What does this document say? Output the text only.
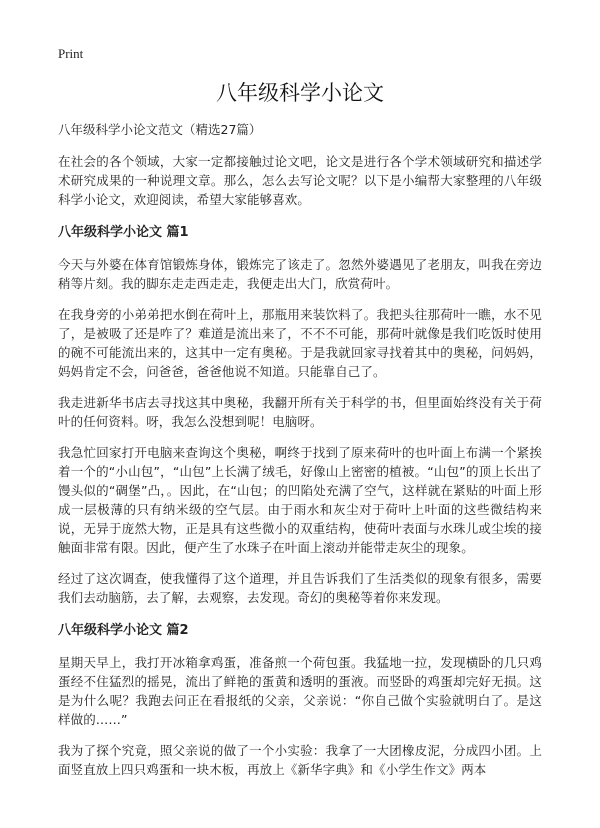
Print
八年级科学小论文
八年级科学小论文范文（精选27篇）

在社会的各个领域，大家一定都接触过论文吧，论文是进行各个学术领域研究和描述学术研究成果的一种说理文章。那么，怎么去写论文呢？以下是小编帮大家整理的八年级科学小论文，欢迎阅读，希望大家能够喜欢。

八年级科学小论文 篇1

今天与外婆在体育馆锻炼身体，锻炼完了该走了。忽然外婆遇见了老朋友，叫我在旁边稍等片刻。我的脚东走走西走走，我便走出大门，欣赏荷叶。

在我身旁的小弟弟把水倒在荷叶上，那瓶用来装饮料了。我把头往那荷叶一瞧，水不见了，是被吸了还是咋了？难道是流出来了，不不不可能，那荷叶就像是我们吃饭时使用的碗不可能流出来的，这其中一定有奥秘。于是我就回家寻找着其中的奥秘，问妈妈，妈妈肯定不会，问爸爸，爸爸他说不知道。只能靠自己了。

我走进新华书店去寻找这其中奥秘，我翻开所有关于科学的书，但里面始终没有关于荷叶的任何资料。呀，我怎么没想到呢！电脑呀。

我急忙回家打开电脑来查询这个奥秘，啊终于找到了原来荷叶的也叶面上布满一个紧挨着一个的“小山包”，“山包”上长满了绒毛，好像山上密密的植被。“山包”的顶上长出了馒头似的“碉堡”凸，。因此，在“山包；的凹陷处充满了空气，这样就在紧贴的叶面上形成一层极薄的只有纳米级的空气层。由于雨水和灰尘对于荷叶上叶面的这些微结构来说，无异于庞然大物，正是具有这些微小的双重结构，使荷叶表面与水珠儿或尘埃的接触面非常有限。因此，便产生了水珠子在叶面上滚动并能带走灰尘的现象。

经过了这次调查，使我懂得了这个道理，并且告诉我们了生活类似的现象有很多，需要我们去动脑筋，去了解，去观察，去发现。奇幻的奥秘等着你来发现。

八年级科学小论文 篇2

星期天早上，我打开冰箱拿鸡蛋，准备煎一个荷包蛋。我猛地一拉，发现横卧的几只鸡蛋经不住猛烈的摇晃，流出了鲜艳的蛋黄和透明的蛋液。而竖卧的鸡蛋却完好无损。这是为什么呢？我跑去问正在看报纸的父亲，父亲说：“你自己做个实验就明白了。是这样做的……”

我为了探个究竟，照父亲说的做了一个小实验：我拿了一大团橡皮泥，分成四小团。上面竖直放上四只鸡蛋和一块木板，再放上《新华字典》和《小学生作文》两本
